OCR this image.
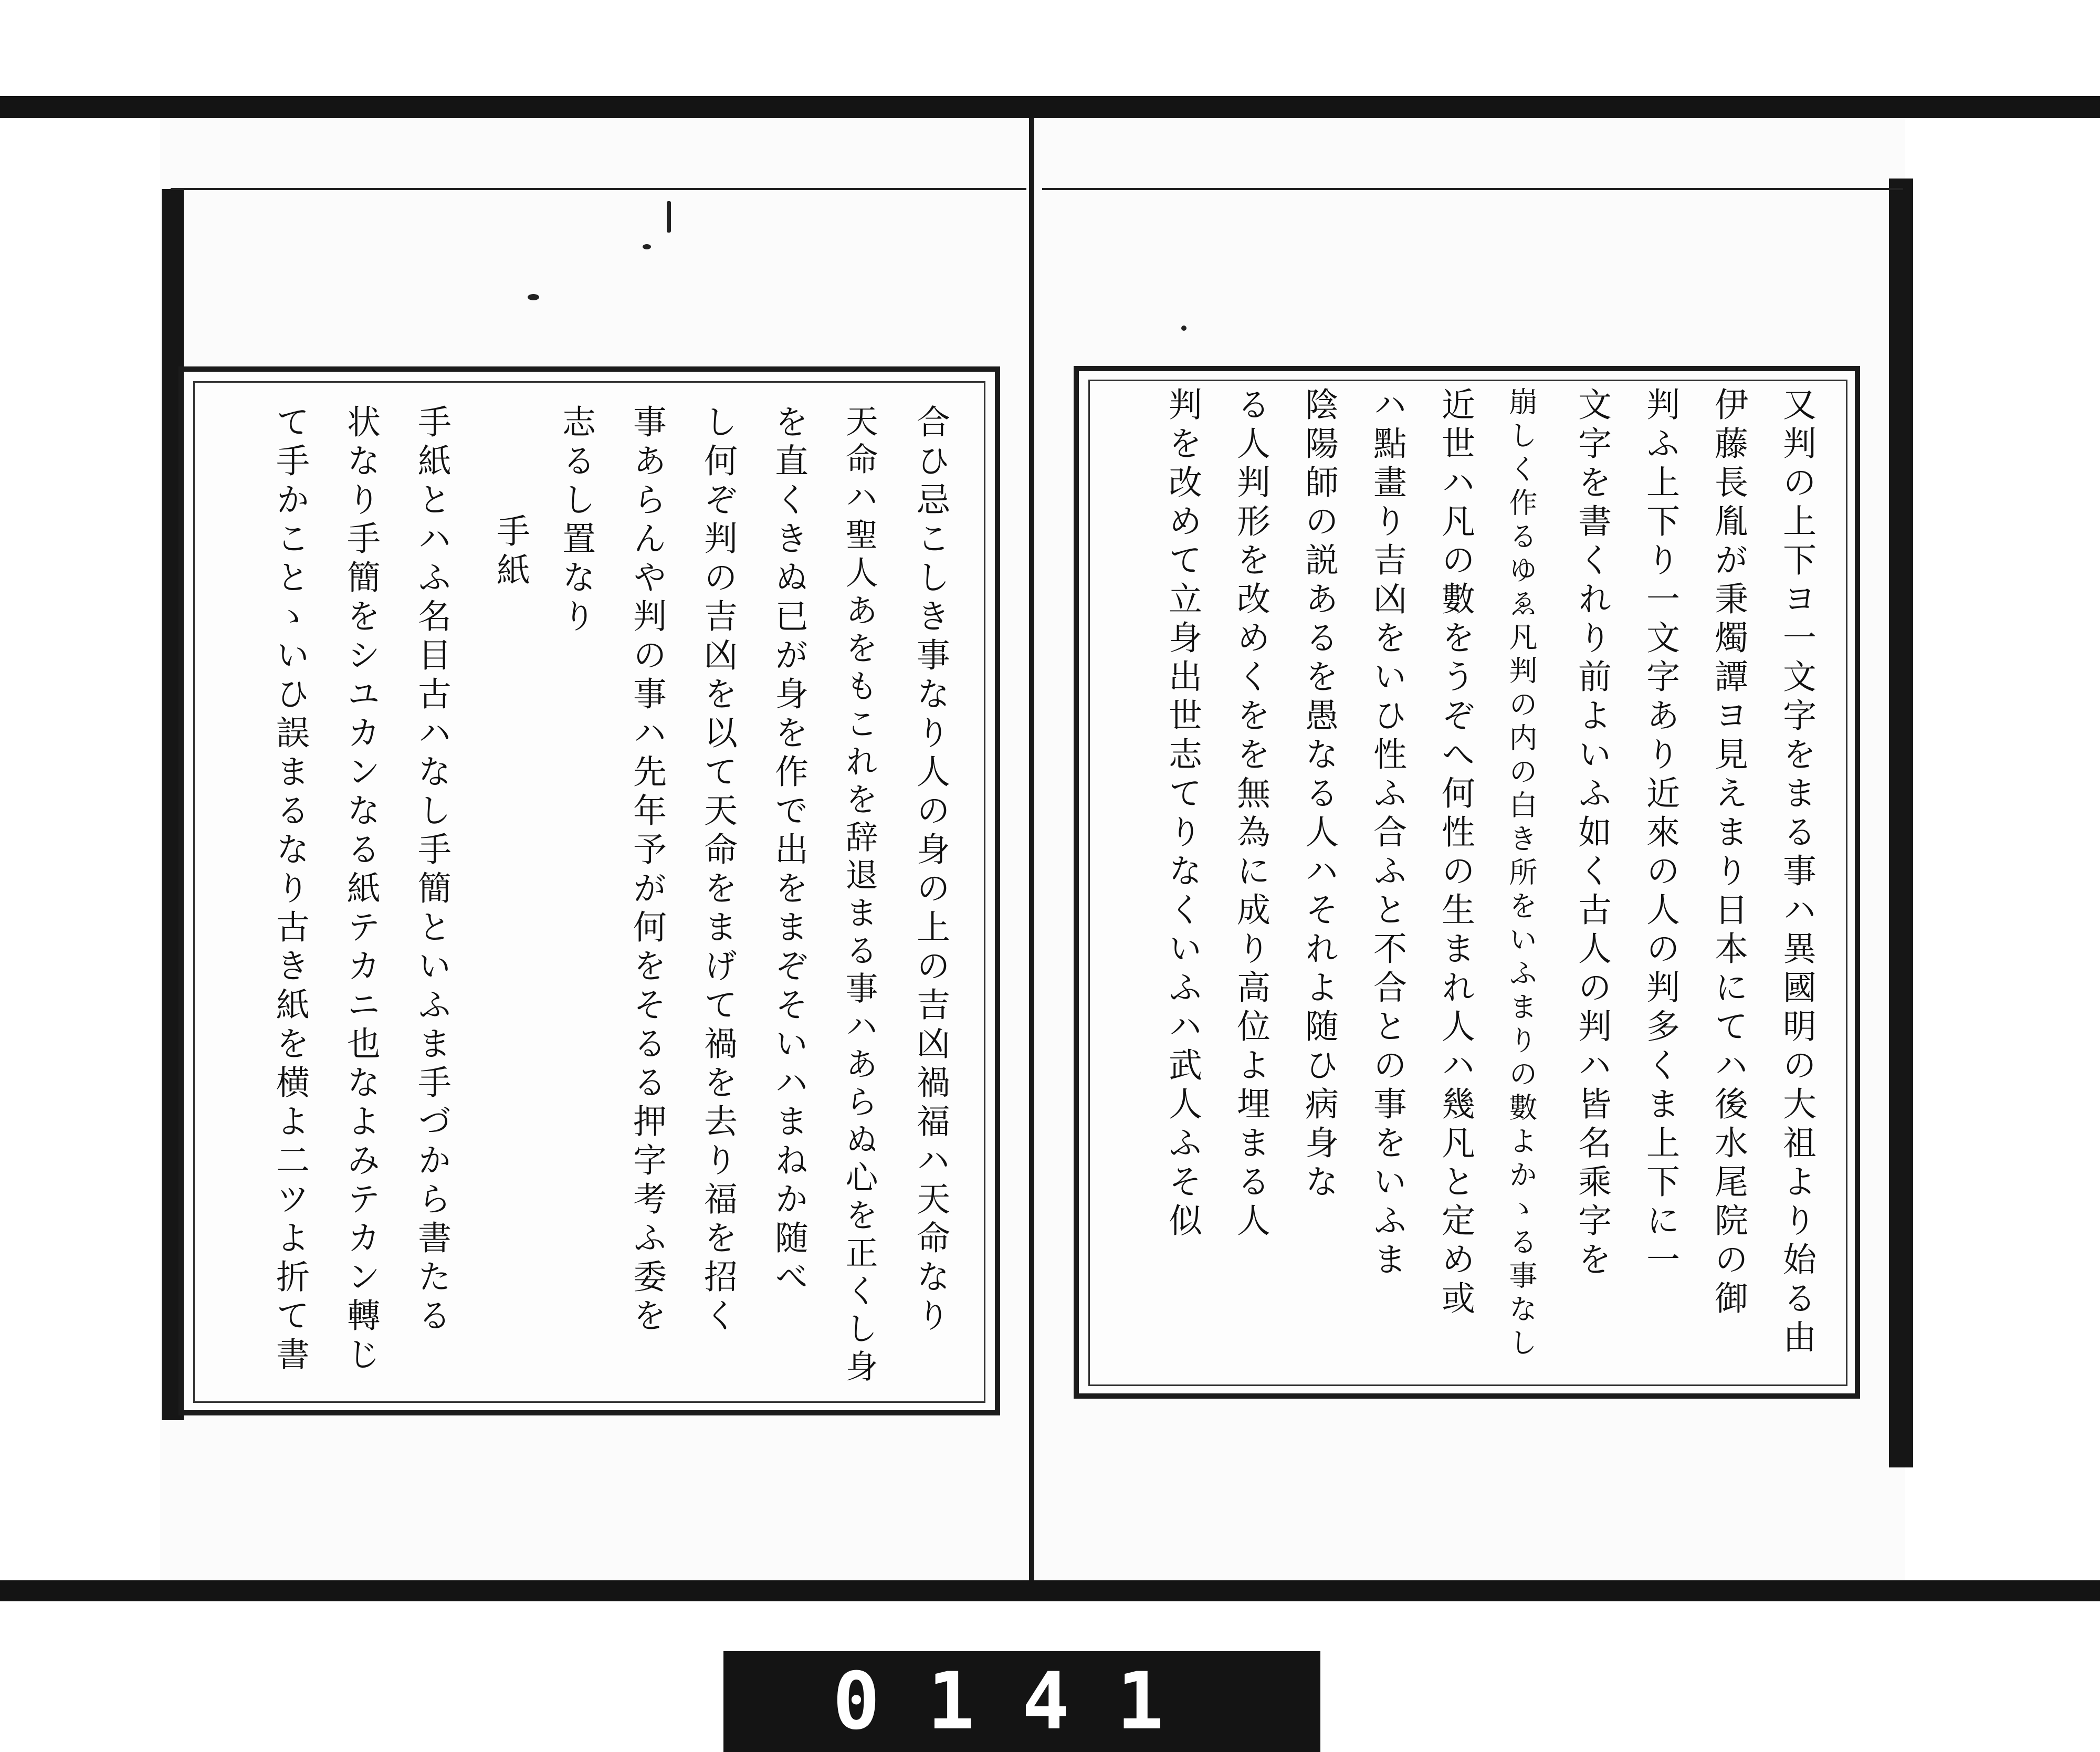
合ひ忌こしき事なり人の身の上の吉凶禍福ハ天命なり
天命ハ聖人あをもこれを辞退まる事ハあらぬ心を正くし身
を直くきぬ已が身を作で出をまぞそいハまねか随べ
し何ぞ判の吉凶を以て天命をまげて禍を去り福を招く
事あらんや判の事ハ先年予が何をそるる押字考ふ委を
志るし置なり
手紙
手紙とハふ名目古ハなし手簡といふま手づから書たる
状なり手簡をシユカンなる紙テカニ也なよみテカン轉じ
て手かことゝいひ誤まるなり古き紙を横よ二ツよ折て書	又判の上下ヨ一文字をまる事ハ異國明の大祖より始る由
伊藤長胤が秉燭譚ヨ見えまり日本にてハ後水尾院の御
判ふ上下り一文字あり近來の人の判多くま上下に一
文字を書くれり前よいふ如く古人の判ハ皆名乘字を
崩しく作るゆゑ凡判の内の白き所をいふまりの數よかゝる事なし
近世ハ凡の數をうぞへ何性の生まれ人ハ幾凡と定め或
ハ點畫り吉凶をいひ性ふ合ふと不合との事をいふま
陰陽師の説あるを愚なる人ハそれよ随ひ病身な
る人判形を改めくをを無為に成り高位よ埋まる人
判を改めて立身出世志てりなくいふハ武人ふそ似
0141
